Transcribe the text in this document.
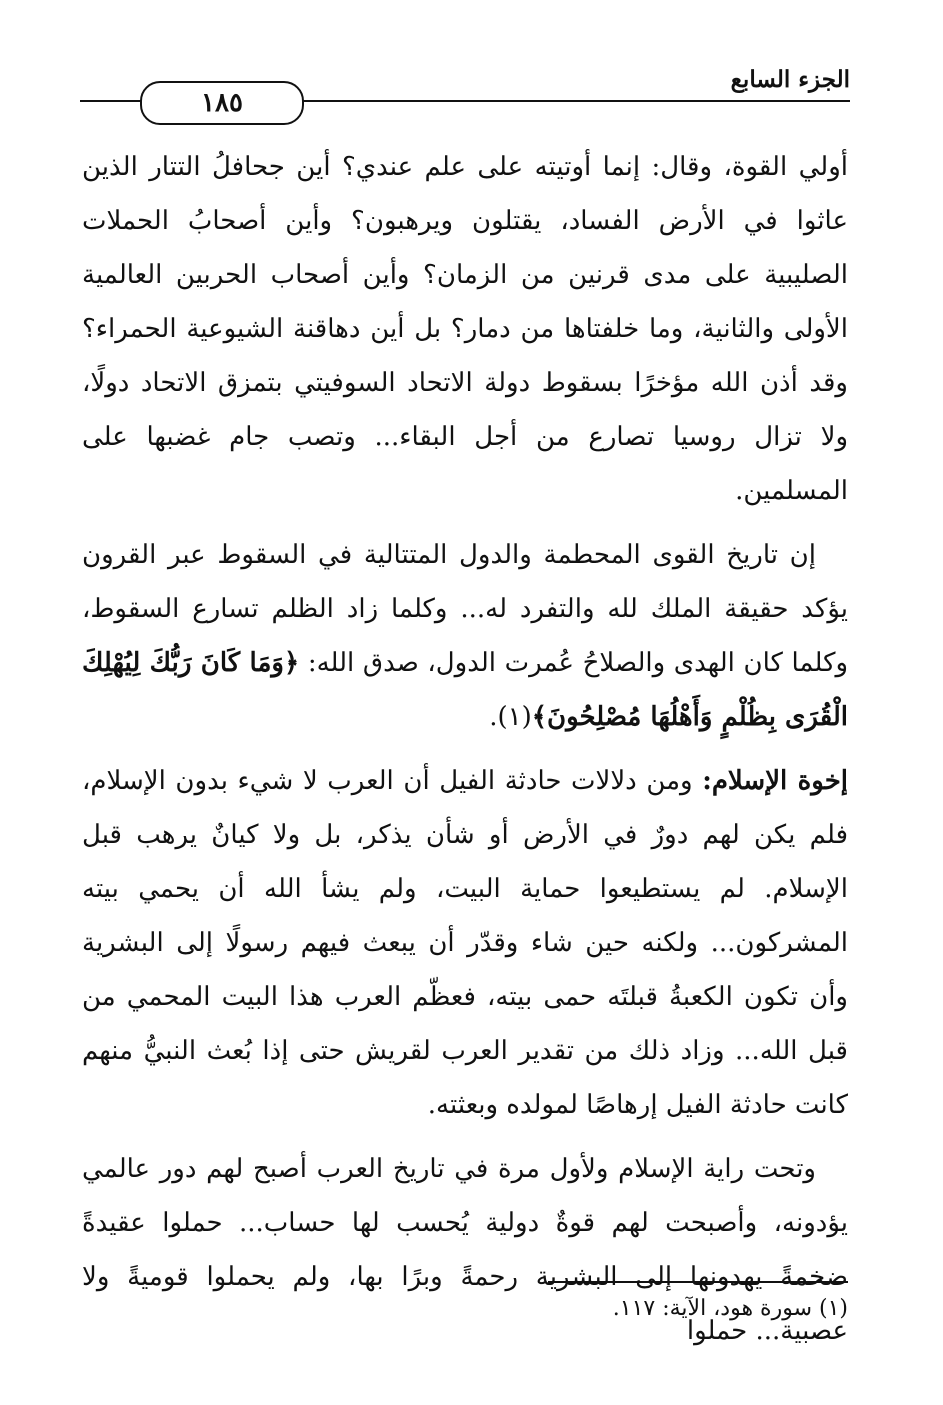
١٨٥
الجزء السابع

أولي القوة، وقال: إنما أوتيته على علم عندي؟ أين جحافلُ التتار الذين عاثوا في الأرض الفساد، يقتلون ويرهبون؟ وأين أصحابُ الحملات الصليبية على مدى قرنين من الزمان؟ وأين أصحاب الحربين العالمية الأولى والثانية، وما خلفتاها من دمار؟ بل أين دهاقنة الشيوعية الحمراء؟ وقد أذن الله مؤخرًا بسقوط دولة الاتحاد السوفيتي بتمزق الاتحاد دولًا، ولا تزال روسيا تصارع من أجل البقاء... وتصب جام غضبها على المسلمين.

إن تاريخ القوى المحطمة والدول المتتالية في السقوط عبر القرون يؤكد حقيقة الملك لله والتفرد له... وكلما زاد الظلم تسارع السقوط، وكلما كان الهدى والصلاحُ عُمرت الدول، صدق الله: ﴿وَمَا كَانَ رَبُّكَ لِيُهْلِكَ الْقُرَى بِظُلْمٍ وَأَهْلُهَا مُصْلِحُونَ﴾(١).

إخوة الإسلام: ومن دلالات حادثة الفيل أن العرب لا شيء بدون الإسلام، فلم يكن لهم دورٌ في الأرض أو شأن يذكر، بل ولا كيانٌ يرهب قبل الإسلام. لم يستطيعوا حماية البيت، ولم يشأ الله أن يحمي بيته المشركون... ولكنه حين شاء وقدّر أن يبعث فيهم رسولًا إلى البشرية وأن تكون الكعبةُ قبلتَه حمى بيته، فعظّم العرب هذا البيت المحمي من قبل الله... وزاد ذلك من تقدير العرب لقريش حتى إذا بُعث النبيُّ منهم كانت حادثة الفيل إرهاصًا لمولده وبعثته.

وتحت راية الإسلام ولأول مرة في تاريخ العرب أصبح لهم دور عالمي يؤدونه، وأصبحت لهم قوةٌ دولية يُحسب لها حساب... حملوا عقيدةً ضخمةً يهدونها إلى البشرية رحمةً وبرًا بها، ولم يحملوا قوميةً ولا عصبية... حملوا

(١) سورة هود، الآية: ١١٧.
